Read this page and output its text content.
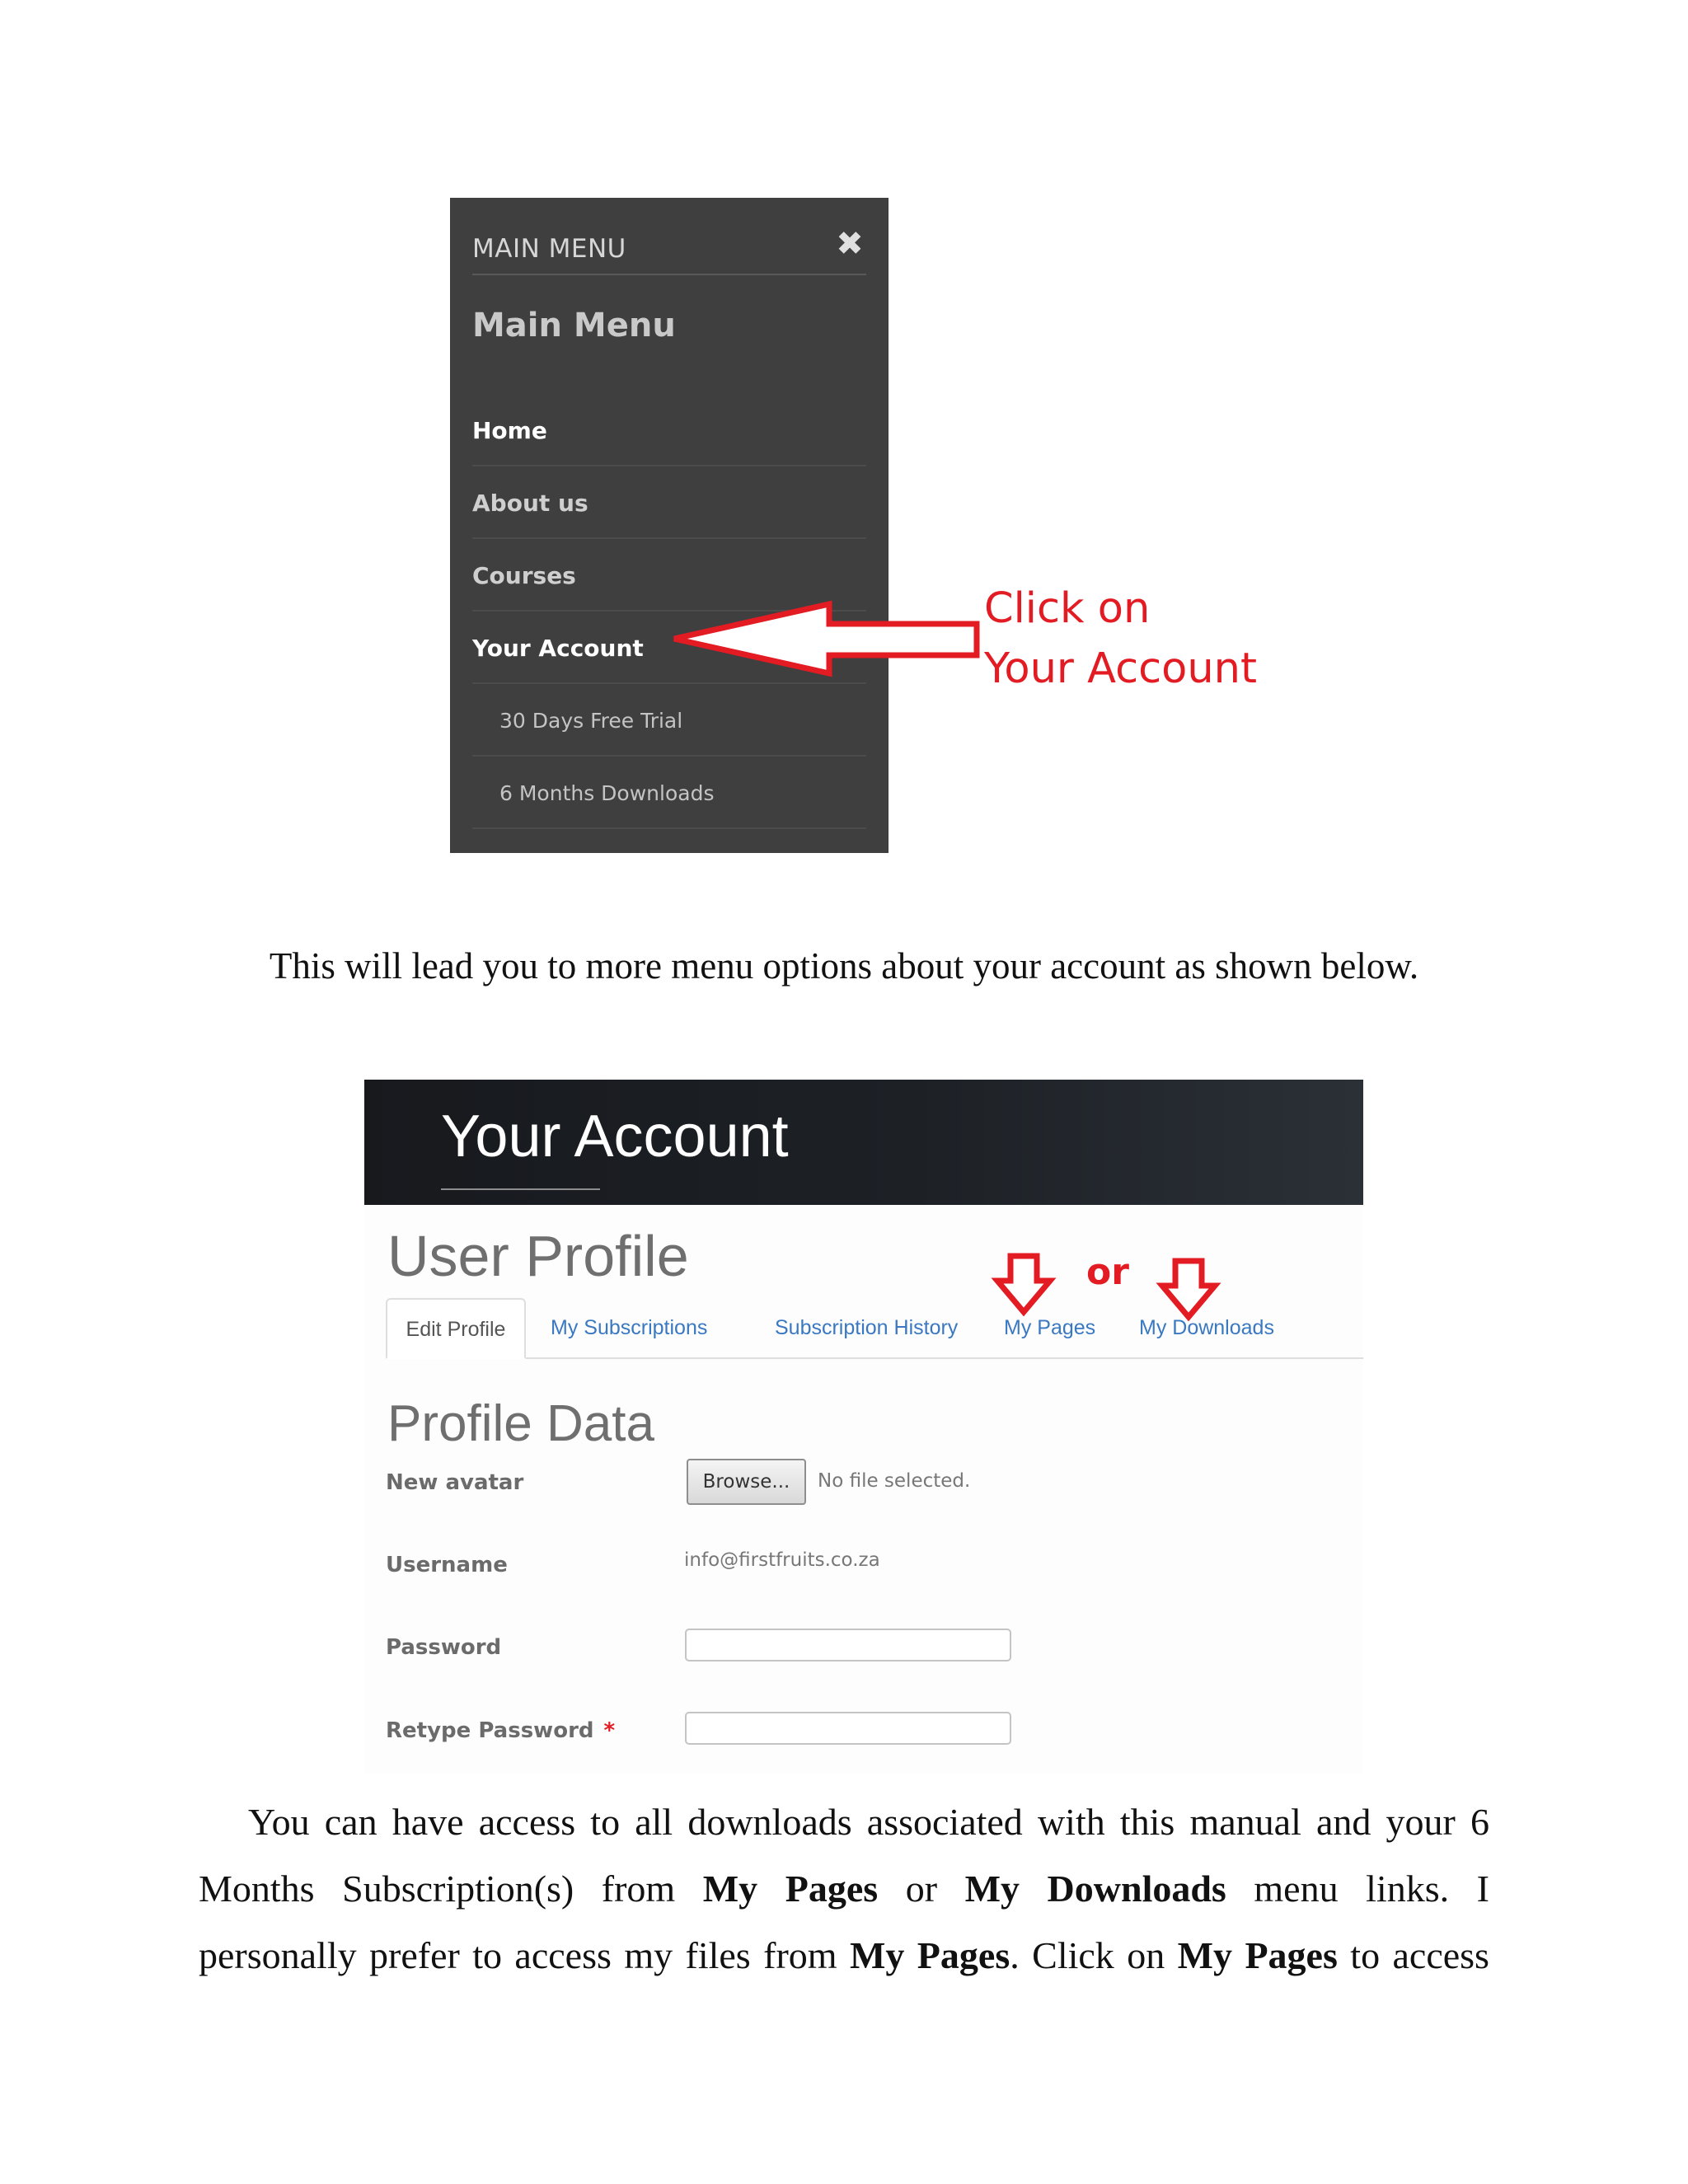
MAIN MENU	✖
Main Menu
Home
About us
Courses
Your Account
30 Days Free Trial
6 Months Downloads
Click on
Your Account
This will lead you to more menu options about your account as shown below.
Your Account
User Profile	or
Edit Profile	My Subscriptions	Subscription History My Pages My Downloads
Profile Data
New avatar	Browse...	No file selected.
Username	info@firstfruits.co.za
Password
Retype Password *
You can have access to all downloads associated with this manual and your 6
Months Subscription(s) from My Pages or My Downloads menu links. I
personally prefer to access my files from My Pages. Click on My Pages to access
